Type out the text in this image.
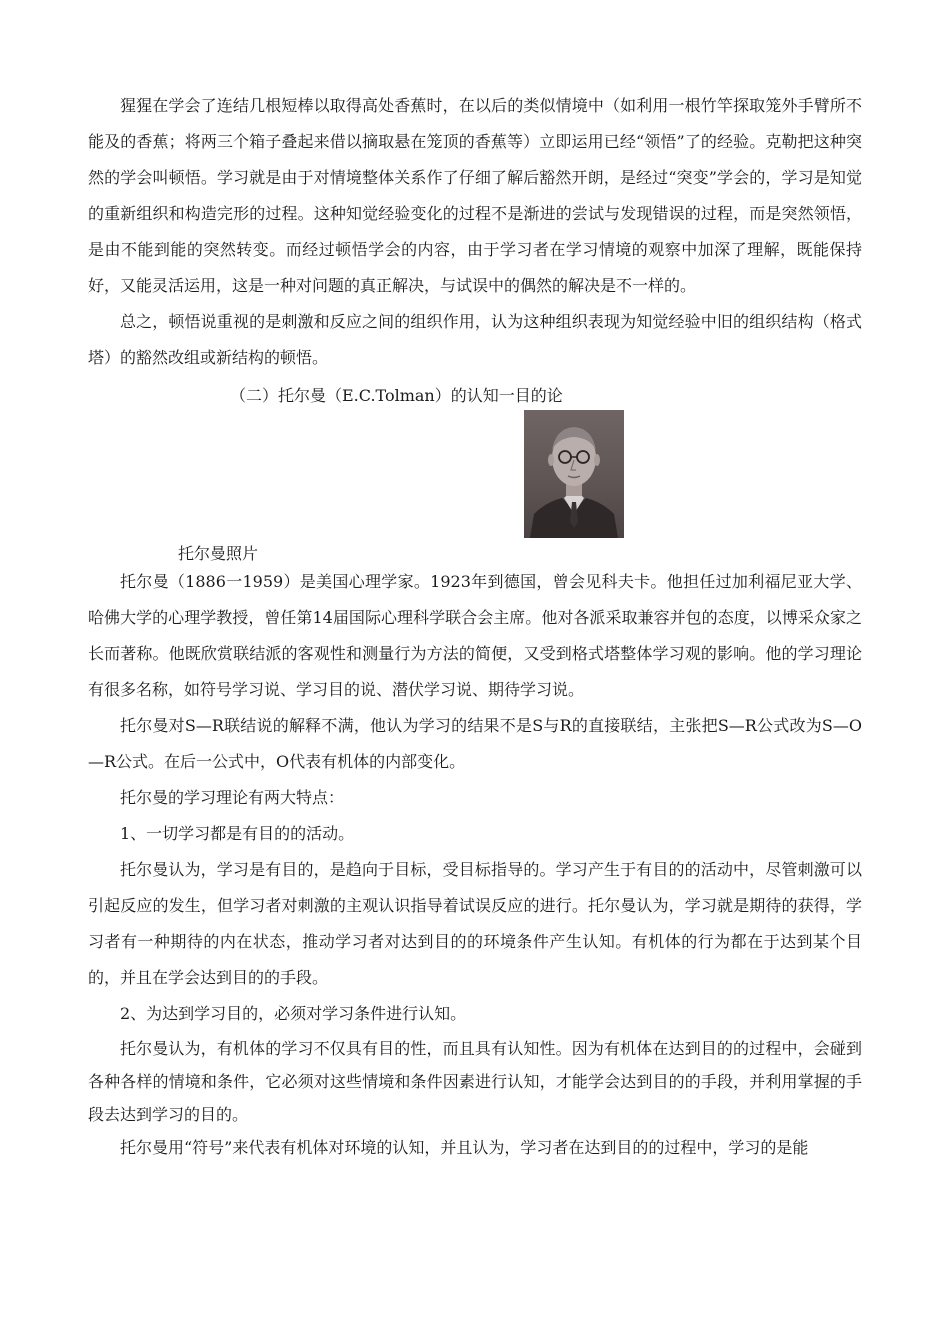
猩猩在学会了连结几根短棒以取得高处香蕉时，在以后的类似情境中（如利用一根竹竿探取笼外手臂所不能及的香蕉；将两三个箱子叠起来借以摘取悬在笼顶的香蕉等）立即运用已经“领悟”了的经验。克勒把这种突然的学会叫顿悟。学习就是由于对情境整体关系作了仔细了解后豁然开朗，是经过“突变”学会的，学习是知觉的重新组织和构造完形的过程。这种知觉经验变化的过程不是渐进的尝试与发现错误的过程，而是突然领悟，是由不能到能的突然转变。而经过顿悟学会的内容，由于学习者在学习情境的观察中加深了理解，既能保持好，又能灵活运用，这是一种对问题的真正解决，与试误中的偶然的解决是不一样的。

总之，顿悟说重视的是刺激和反应之间的组织作用，认为这种组织表现为知觉经验中旧的组织结构（格式塔）的豁然改组或新结构的顿悟。

（二）托尔曼（E.C.Tolman）的认知一目的论

托尔曼照片

托尔曼（1886一1959）是美国心理学家。1923年到德国，曾会见科夫卡。他担任过加利福尼亚大学、哈佛大学的心理学教授，曾任第14届国际心理科学联合会主席。他对各派采取兼容并包的态度，以博采众家之长而著称。他既欣赏联结派的客观性和测量行为方法的简便，又受到格式塔整体学习观的影响。他的学习理论有很多名称，如符号学习说、学习目的说、潜伏学习说、期待学习说。

托尔曼对S—R联结说的解释不满，他认为学习的结果不是S与R的直接联结，主张把S—R公式改为S—O—R公式。在后一公式中，O代表有机体的内部变化。

托尔曼的学习理论有两大特点：

1、一切学习都是有目的的活动。

托尔曼认为，学习是有目的，是趋向于目标，受目标指导的。学习产生于有目的的活动中，尽管刺激可以引起反应的发生，但学习者对刺激的主观认识指导着试误反应的进行。托尔曼认为，学习就是期待的获得，学习者有一种期待的内在状态，推动学习者对达到目的的环境条件产生认知。有机体的行为都在于达到某个目的，并且在学会达到目的的手段。

2、为达到学习目的，必须对学习条件进行认知。

托尔曼认为，有机体的学习不仅具有目的性，而且具有认知性。因为有机体在达到目的的过程中，会碰到各种各样的情境和条件，它必须对这些情境和条件因素进行认知，才能学会达到目的的手段，并利用掌握的手段去达到学习的目的。

托尔曼用“符号”来代表有机体对环境的认知，并且认为，学习者在达到目的的过程中，学习的是能
